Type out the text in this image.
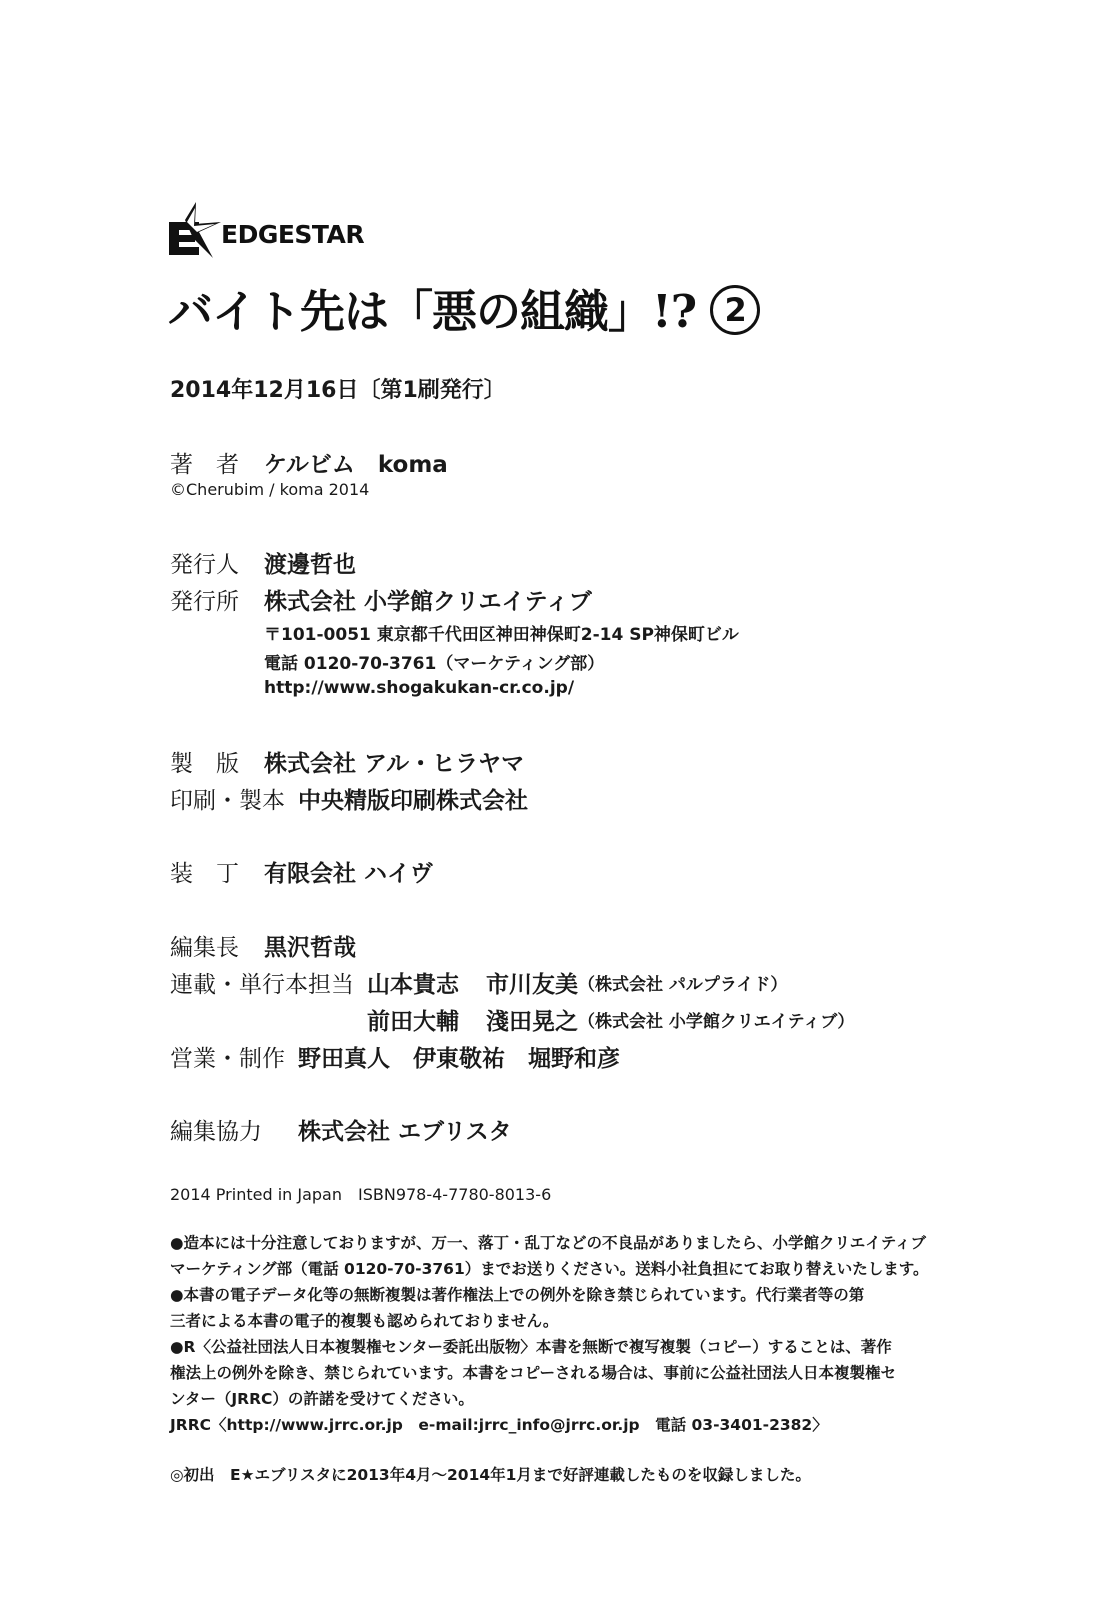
EDGESTAR
バイト先は「悪の組織」!? 2
2014年12月16日〔第1刷発行〕
著　者 ケルビム　koma
©Cherubim / koma 2014
発行人 渡邊哲也
発行所 株式会社 小学館クリエイティブ
〒101-0051 東京都千代田区神田神保町2-14 SP神保町ビル
電話 0120-70-3761（マーケティング部）
http://www.shogakukan-cr.co.jp/
製　版 株式会社 アル・ヒラヤマ
印刷・製本 中央精版印刷株式会社
装　丁 有限会社 ハイヴ
編集長 黒沢哲哉
連載・単行本担当 山本貴志 市川友美 （株式会社 パルプライド）
前田大輔 淺田晃之 （株式会社 小学館クリエイティブ）
営業・制作 野田真人　伊東敬祐　堀野和彦
編集協力 株式会社 エブリスタ
2014 Printed in Japan　ISBN978-4-7780-8013-6
●造本には十分注意しておりますが、万一、落丁・乱丁などの不良品がありましたら、小学館クリエイティブ
マーケティング部（電話 0120-70-3761）までお送りください。送料小社負担にてお取り替えいたします。
●本書の電子データ化等の無断複製は著作権法上での例外を除き禁じられています。代行業者等の第
三者による本書の電子的複製も認められておりません。
●R〈公益社団法人日本複製権センター委託出版物〉本書を無断で複写複製（コピー）することは、著作
権法上の例外を除き、禁じられています。本書をコピーされる場合は、事前に公益社団法人日本複製権セ
ンター（JRRC）の許諾を受けてください。
JRRC〈http://www.jrrc.or.jp　e-mail:jrrc_info@jrrc.or.jp　電話 03-3401-2382〉
◎初出　E★エブリスタに2013年4月〜2014年1月まで好評連載したものを収録しました。
